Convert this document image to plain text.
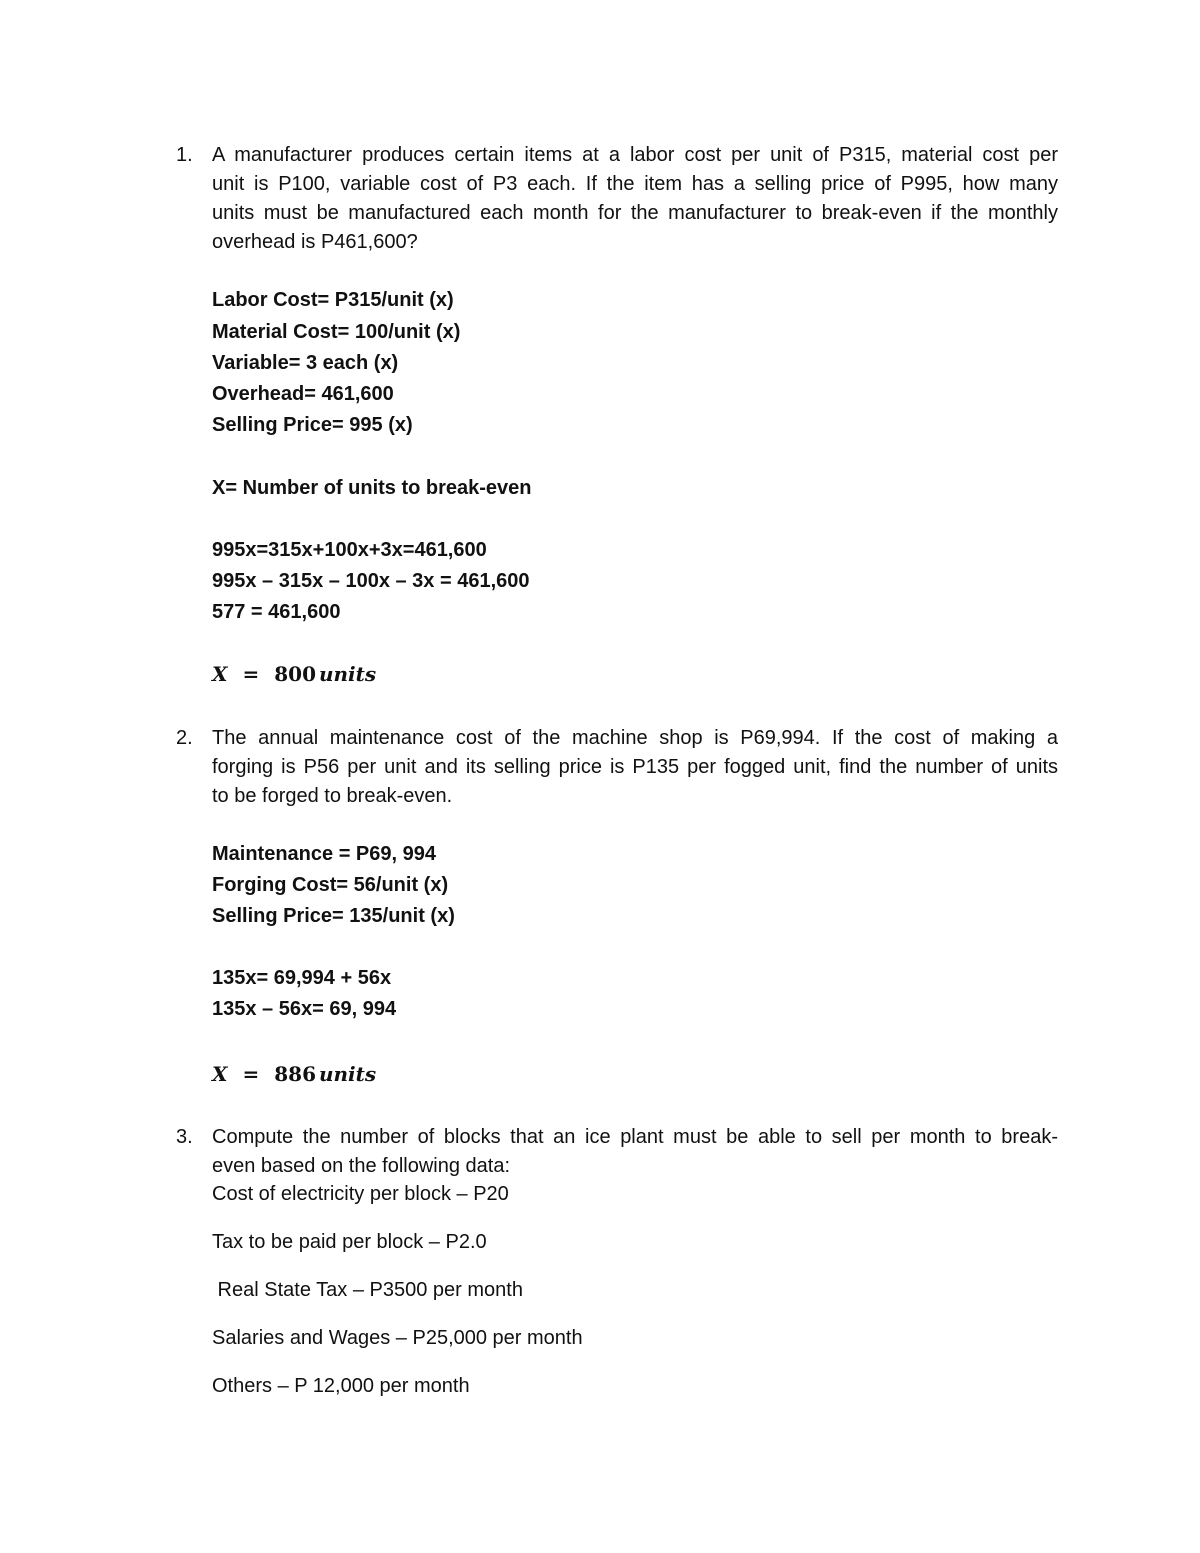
1. A manufacturer produces certain items at a labor cost per unit of P315, material cost per

unit is P100, variable cost of P3 each. If the item has a selling price of P995, how many

units must be manufactured each month for the manufacturer to break-even if the monthly

overhead is P461,600?

Labor Cost= P315/unit (x)

Material Cost= 100/unit (x)

Variable= 3 each (x)

Overhead= 461,600

Selling Price= 995 (x)

X= Number of units to break-even

995x=315x+100x+3x=461,600

995x – 315x – 100x – 3x = 461,600

577 = 461,600

X = 800 units

2. The annual maintenance cost of the machine shop is P69,994. If the cost of making a

forging is P56 per unit and its selling price is P135 per fogged unit, find the number of units

to be forged to break-even.

Maintenance = P69, 994

Forging Cost= 56/unit (x)

Selling Price= 135/unit (x)

135x= 69,994 + 56x

135x – 56x= 69, 994

X = 886 units

3. Compute the number of blocks that an ice plant must be able to sell per month to break-

even based on the following data:

Cost of electricity per block – P20

Tax to be paid per block – P2.0

Real State Tax – P3500 per month

Salaries and Wages – P25,000 per month

Others – P 12,000 per month
